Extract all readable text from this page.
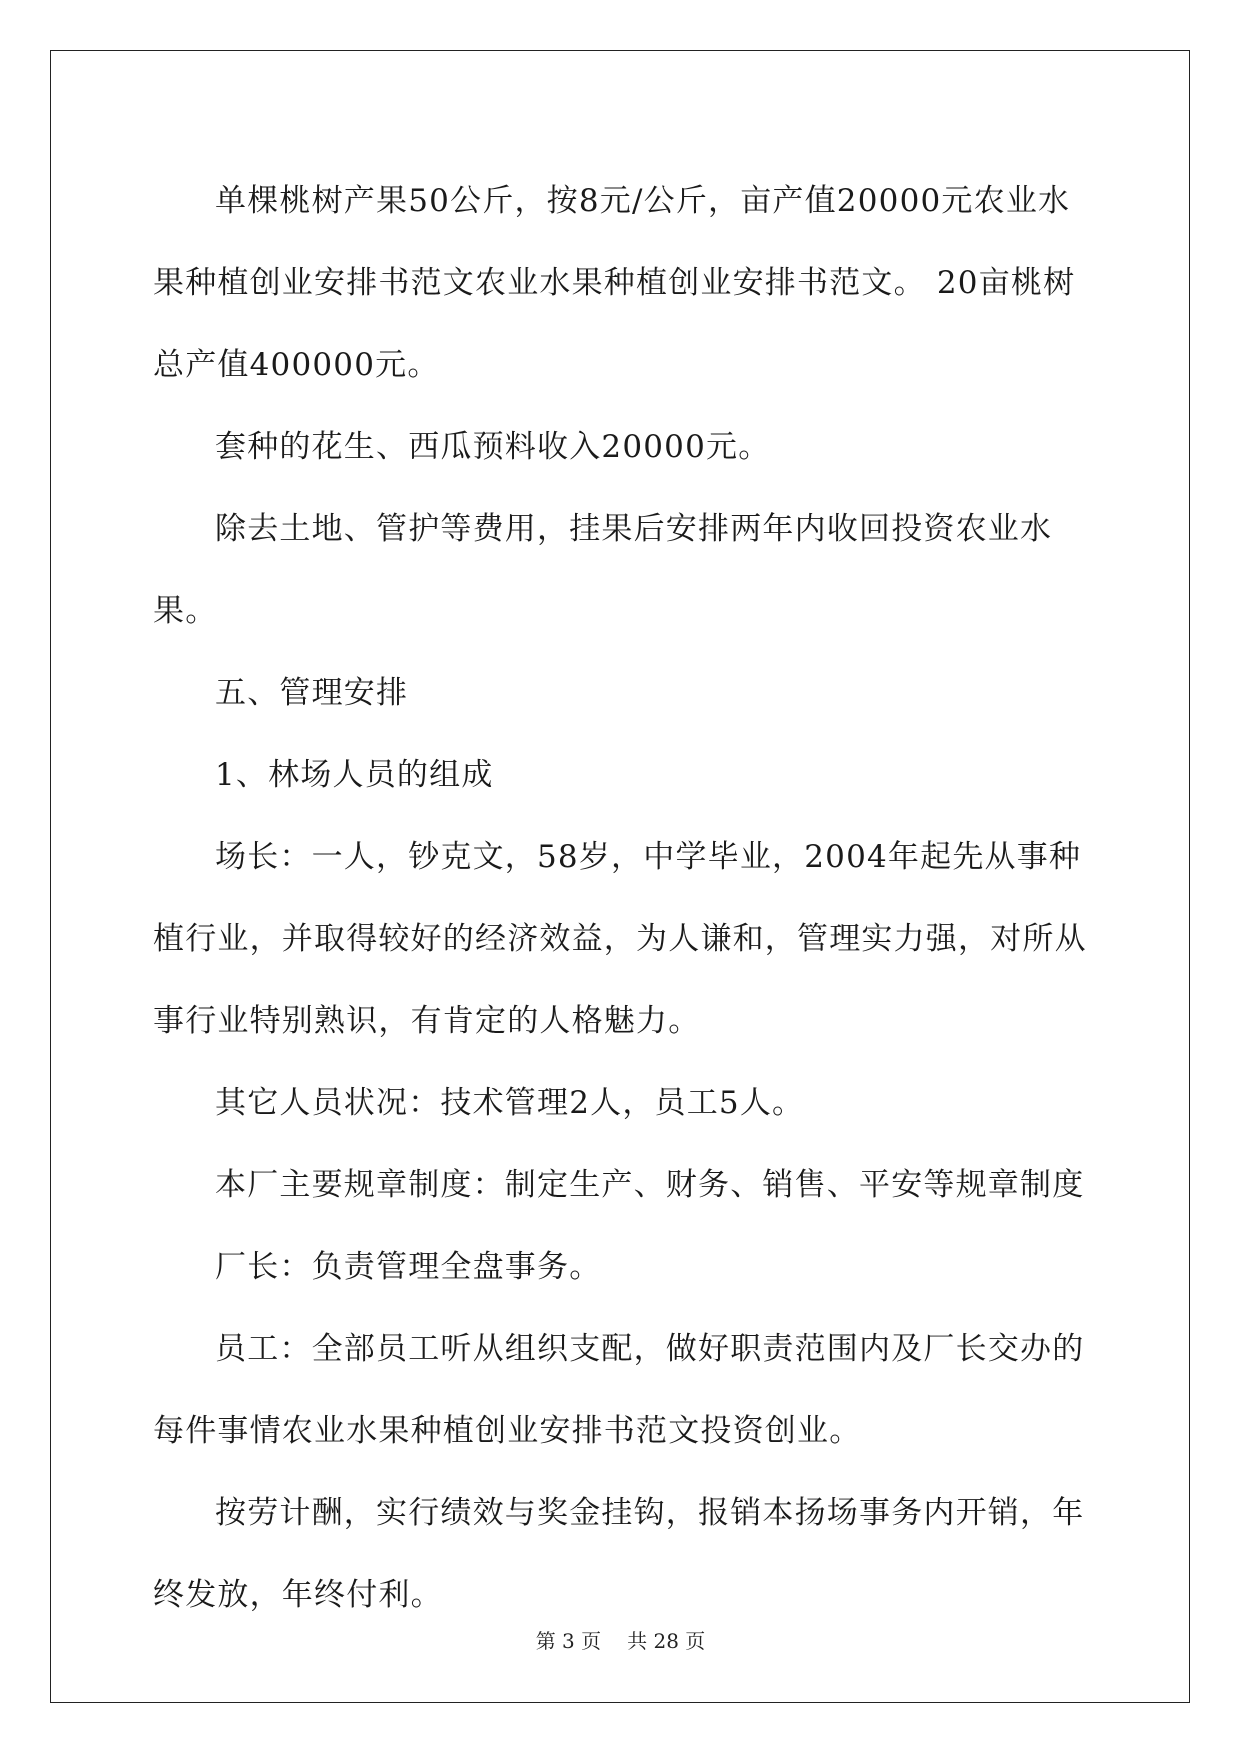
单棵桃树产果50公斤，按8元/公斤，亩产值20000元农业水果种植创业安排书范文农业水果种植创业安排书范文。 20亩桃树总产值400000元。

套种的花生、西瓜预料收入20000元。

除去土地、管护等费用，挂果后安排两年内收回投资农业水果。

五、管理安排

1、林场人员的组成

场长：一人，钞克文，58岁，中学毕业，2004年起先从事种植行业，并取得较好的经济效益，为人谦和，管理实力强，对所从事行业特别熟识，有肯定的人格魅力。

其它人员状况：技术管理2人，员工5人。

本厂主要规章制度：制定生产、财务、销售、平安等规章制度

厂长：负责管理全盘事务。

员工：全部员工听从组织支配，做好职责范围内及厂长交办的每件事情农业水果种植创业安排书范文投资创业。

按劳计酬，实行绩效与奖金挂钩，报销本扬场事务内开销，年终发放，年终付利。

第 3 页 共 28 页
